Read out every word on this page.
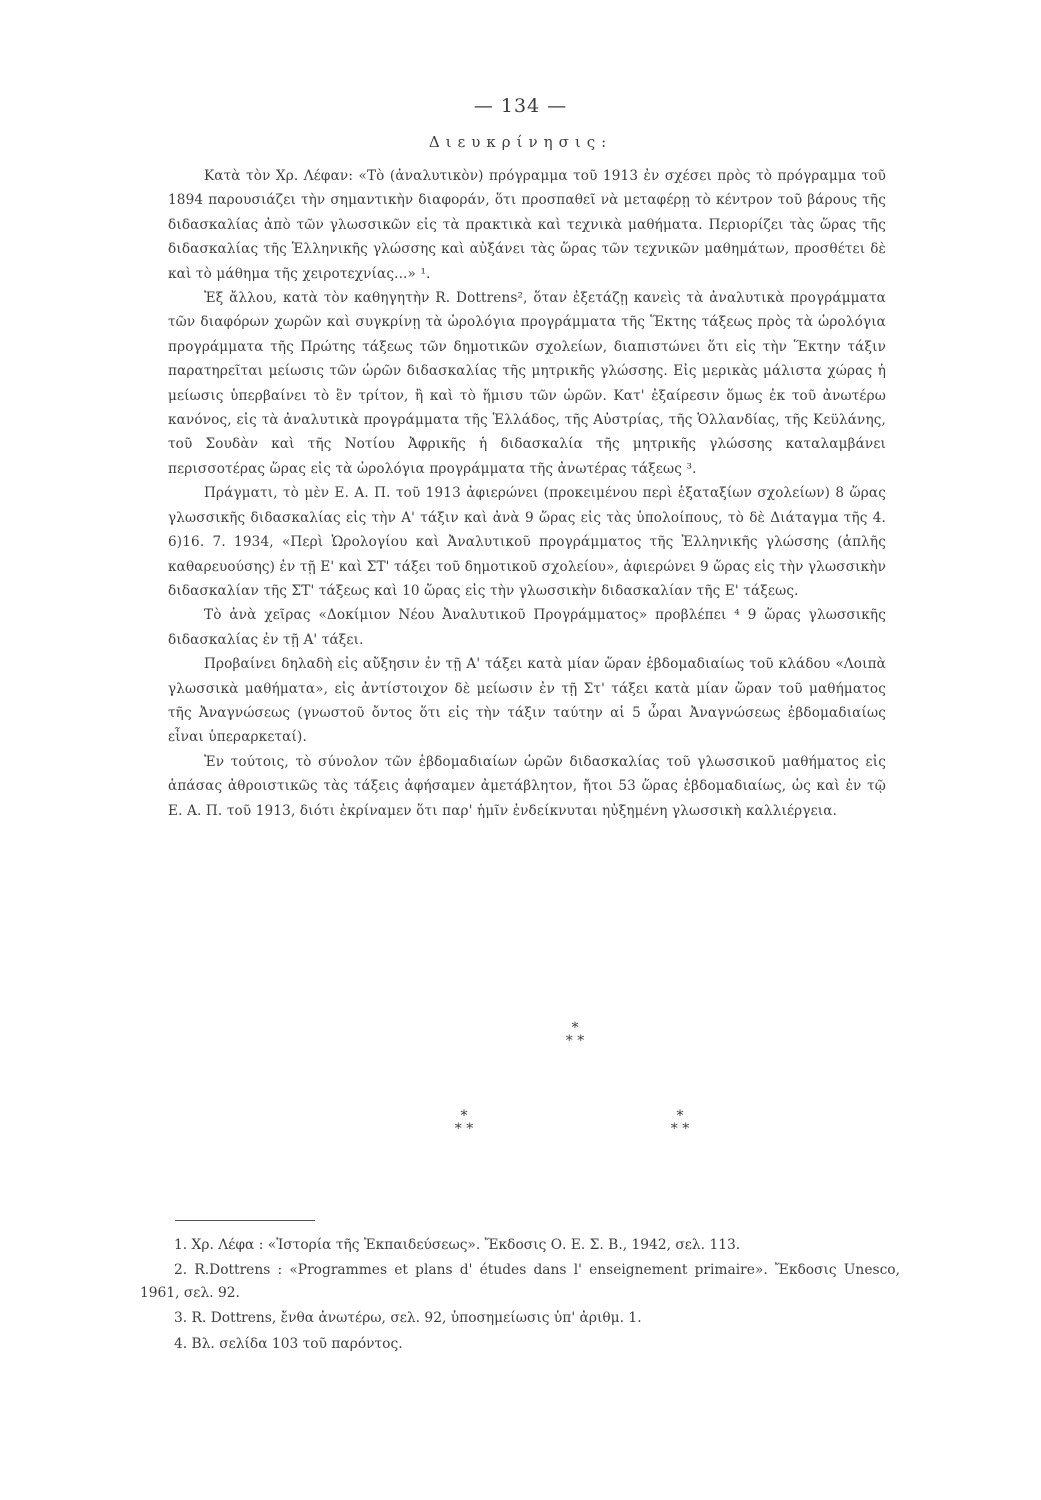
— 134 —
Διευκρίνησις:

Κατὰ τὸν Χρ. Λέφαν: «Τὸ (ἀναλυτικὸν) πρόγραμμα τοῦ 1913 ἐν σχέσει πρὸς τὸ πρόγραμμα τοῦ 1894 παρουσιάζει τὴν σημαντικὴν διαφοράν, ὅτι προσπαθεῖ νὰ μεταφέρῃ τὸ κέντρον τοῦ βάρους τῆς διδασκαλίας ἀπὸ τῶν γλωσσικῶν εἰς τὰ πρακτικὰ καὶ τεχνικὰ μαθήματα. Περιορίζει τὰς ὥρας τῆς διδασκαλίας τῆς Ἑλληνικῆς γλώσσης καὶ αὐξάνει τὰς ὥρας τῶν τεχνικῶν μαθημάτων, προσθέτει δὲ καὶ τὸ μάθημα τῆς χειροτεχνίας...» ¹.

Ἐξ ἄλλου, κατὰ τὸν καθηγητὴν R. Dottrens², ὅταν ἐξετάζῃ κανεὶς τὰ ἀναλυτικὰ προγράμματα τῶν διαφόρων χωρῶν καὶ συγκρίνῃ τὰ ὡρολόγια προγράμματα τῆς Ἕκτης τάξεως πρὸς τὰ ὡρολόγια προγράμματα τῆς Πρώτης τάξεως τῶν δημοτικῶν σχολείων, διαπιστώνει ὅτι εἰς τὴν Ἕκτην τάξιν παρατηρεῖται μείωσις τῶν ὡρῶν διδασκαλίας τῆς μητρικῆς γλώσσης. Εἰς μερικὰς μάλιστα χώρας ἡ μείωσις ὑπερβαίνει τὸ ἓν τρίτον, ἢ καὶ τὸ ἥμισυ τῶν ὡρῶν. Κατ' ἐξαίρεσιν ὅμως ἐκ τοῦ ἀνωτέρω κανόνος, εἰς τὰ ἀναλυτικὰ προγράμματα τῆς Ἑλλάδος, τῆς Αὐστρίας, τῆς Ὁλλανδίας, τῆς Κεϋλάνης, τοῦ Σουδὰν καὶ τῆς Νοτίου Ἀφρικῆς ἡ διδασκαλία τῆς μητρικῆς γλώσσης καταλαμβάνει περισσοτέρας ὥρας εἰς τὰ ὡρολόγια προγράμματα τῆς ἀνωτέρας τάξεως ³.

Πράγματι, τὸ μὲν Ε. Α. Π. τοῦ 1913 ἀφιερώνει (προκειμένου περὶ ἑξαταξίων σχολείων) 8 ὥρας γλωσσικῆς διδασκαλίας εἰς τὴν Α' τάξιν καὶ ἀνὰ 9 ὥρας εἰς τὰς ὑπολοίπους, τὸ δὲ Διάταγμα τῆς 4. 6)16. 7. 1934, «Περὶ Ὡρολογίου καὶ Ἀναλυτικοῦ προγράμματος τῆς Ἑλληνικῆς γλώσσης (ἁπλῆς καθαρευούσης) ἐν τῇ Ε' καὶ ΣΤ' τάξει τοῦ δημοτικοῦ σχολείου», ἀφιερώνει 9 ὥρας εἰς τὴν γλωσσικὴν διδασκαλίαν τῆς ΣΤ' τάξεως καὶ 10 ὥρας εἰς τὴν γλωσσικὴν διδασκαλίαν τῆς Ε' τάξεως.

Τὸ ἀνὰ χεῖρας «Δοκίμιον Νέου Ἀναλυτικοῦ Προγράμματος» προβλέπει ⁴ 9 ὥρας γλωσσικῆς διδασκαλίας ἐν τῇ Α' τάξει.

Προβαίνει δηλαδὴ εἰς αὔξησιν ἐν τῇ Α' τάξει κατὰ μίαν ὥραν ἑβδομαδιαίως τοῦ κλάδου «Λοιπὰ γλωσσικὰ μαθήματα», εἰς ἀντίστοιχον δὲ μείωσιν ἐν τῇ Στ' τάξει κατὰ μίαν ὥραν τοῦ μαθήματος τῆς Ἀναγνώσεως (γνωστοῦ ὄντος ὅτι εἰς τὴν τάξιν ταύτην αἱ 5 ὧραι Ἀναγνώσεως ἑβδομαδιαίως εἶναι ὑπεραρκεταί).

Ἐν τούτοις, τὸ σύνολον τῶν ἑβδομαδιαίων ὡρῶν διδασκαλίας τοῦ γλωσσικοῦ μαθήματος εἰς ἁπάσας ἀθροιστικῶς τὰς τάξεις ἀφήσαμεν ἀμετάβλητον, ἤτοι 53 ὥρας ἑβδομαδιαίως, ὡς καὶ ἐν τῷ Ε. Α. Π. τοῦ 1913, διότι ἐκρίναμεν ὅτι παρ' ἡμῖν ἐνδείκνυται ηὐξημένη γλωσσικὴ καλλιέργεια.

*
* *
*
* *
*
* *

1. Χρ. Λέφα : «Ἱστορία τῆς Ἐκπαιδεύσεως». Ἔκδοσις Ο. Ε. Σ. Β., 1942, σελ. 113.

2. R.Dottrens : «Programmes et plans d' études dans l' enseignement primaire». Ἔκδοσις Unesco, 1961, σελ. 92.

3. R. Dottrens, ἔνθα ἀνωτέρω, σελ. 92, ὑποσημείωσις ὑπ' ἀριθμ. 1.

4. Βλ. σελίδα 103 τοῦ παρόντος.
